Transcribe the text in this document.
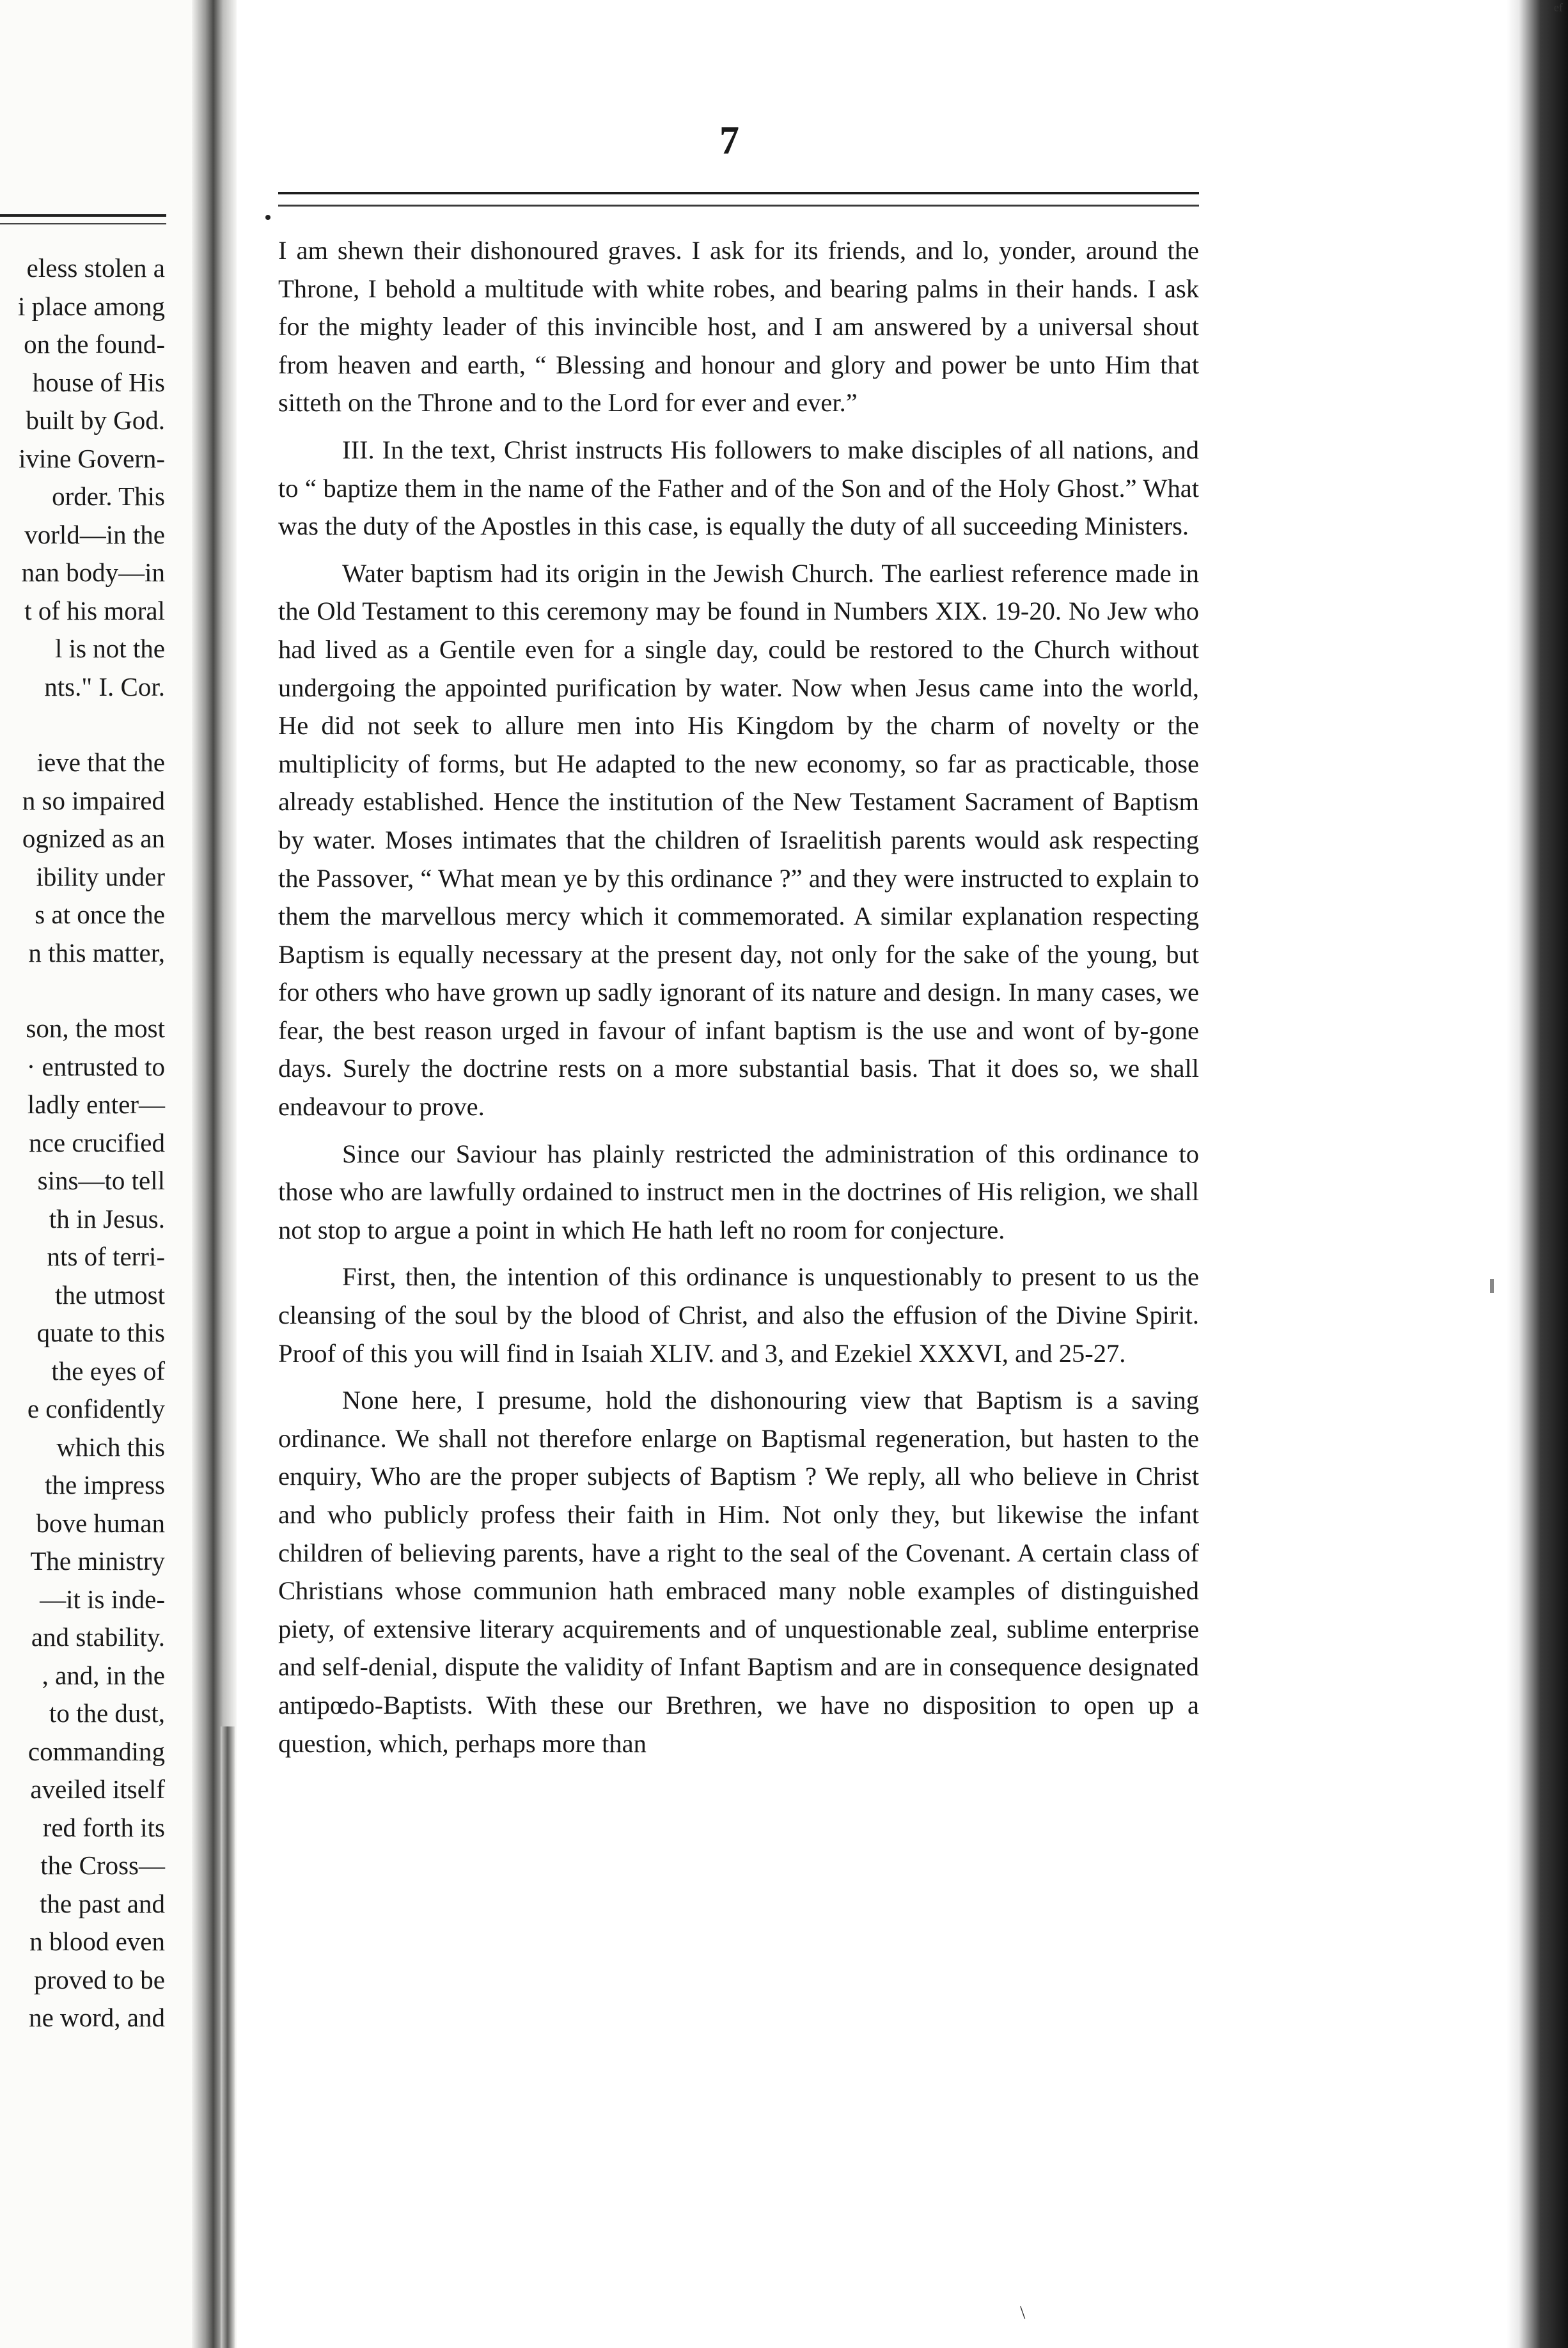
eless stolen a
i place among
on the found-
house of His
built by God.
ivine Govern-
order. This
vorld—in the
nan body—in
t of his moral
l is not the
nts." I. Cor.
ieve that the
n so impaired
ognized as an
ibility under
s at once the
n this matter,
son, the most
· entrusted to
ladly enter—
nce crucified
sins—to tell
th in Jesus.
nts of terri-
the utmost
quate to this
the eyes of
e confidently
which this
the impress
bove human
The ministry
—it is inde-
and stability.
, and, in the
to the dust,
commanding
aveiled itself
red forth its
the Cross—
the past and
n blood even
proved to be
ne word, and
7

I am shewn their dishonoured graves. I ask for its friends, and lo, yonder, around the Throne, I behold a multitude with white robes, and bearing palms in their hands. I ask for the mighty leader of this invincible host, and I am answered by a universal shout from heaven and earth, “ Blessing and honour and glory and power be unto Him that sitteth on the Throne and to the Lord for ever and ever.”

III. In the text, Christ instructs His followers to make disciples of all nations, and to “ baptize them in the name of the Father and of the Son and of the Holy Ghost.” What was the duty of the Apostles in this case, is equally the duty of all succeeding Ministers.

Water baptism had its origin in the Jewish Church. The earliest reference made in the Old Testament to this ceremony may be found in Numbers XIX. 19-20. No Jew who had lived as a Gentile even for a single day, could be restored to the Church without undergoing the appointed purification by water. Now when Jesus came into the world, He did not seek to allure men into His Kingdom by the charm of novelty or the multiplicity of forms, but He adapted to the new economy, so far as practicable, those already established. Hence the institution of the New Testament Sacrament of Baptism by water. Moses intimates that the children of Israelitish parents would ask respecting the Passover, “ What mean ye by this ordinance ?” and they were instructed to explain to them the marvellous mercy which it commemorated. A similar explanation respecting Baptism is equally necessary at the present day, not only for the sake of the young, but for others who have grown up sadly ignorant of its nature and design. In many cases, we fear, the best reason urged in favour of infant baptism is the use and wont of by-gone days. Surely the doctrine rests on a more substantial basis. That it does so, we shall endeavour to prove.

Since our Saviour has plainly restricted the administration of this ordinance to those who are lawfully ordained to instruct men in the doctrines of His religion, we shall not stop to argue a point in which He hath left no room for conjecture.

First, then, the intention of this ordinance is unquestionably to present to us the cleansing of the soul by the blood of Christ, and also the effusion of the Divine Spirit. Proof of this you will find in Isaiah XLIV. and 3, and Ezekiel XXXVI, and 25-27.

None here, I presume, hold the dishonouring view that Baptism is a saving ordinance. We shall not therefore enlarge on Baptismal regeneration, but hasten to the enquiry, Who are the proper subjects of Baptism ? We reply, all who believe in Christ and who publicly profess their faith in Him. Not only they, but likewise the infant children of believing parents, have a right to the seal of the Covenant. A certain class of Christians whose communion hath embraced many noble examples of distinguished piety, of extensive literary acquirements and of unquestionable zeal, sublime enterprise and self-denial, dispute the validity of Infant Baptism and are in consequence designated antipœdo-Baptists. With these our Brethren, we have no disposition to open up a question, which, perhaps more than

\
ᵉᶠ
